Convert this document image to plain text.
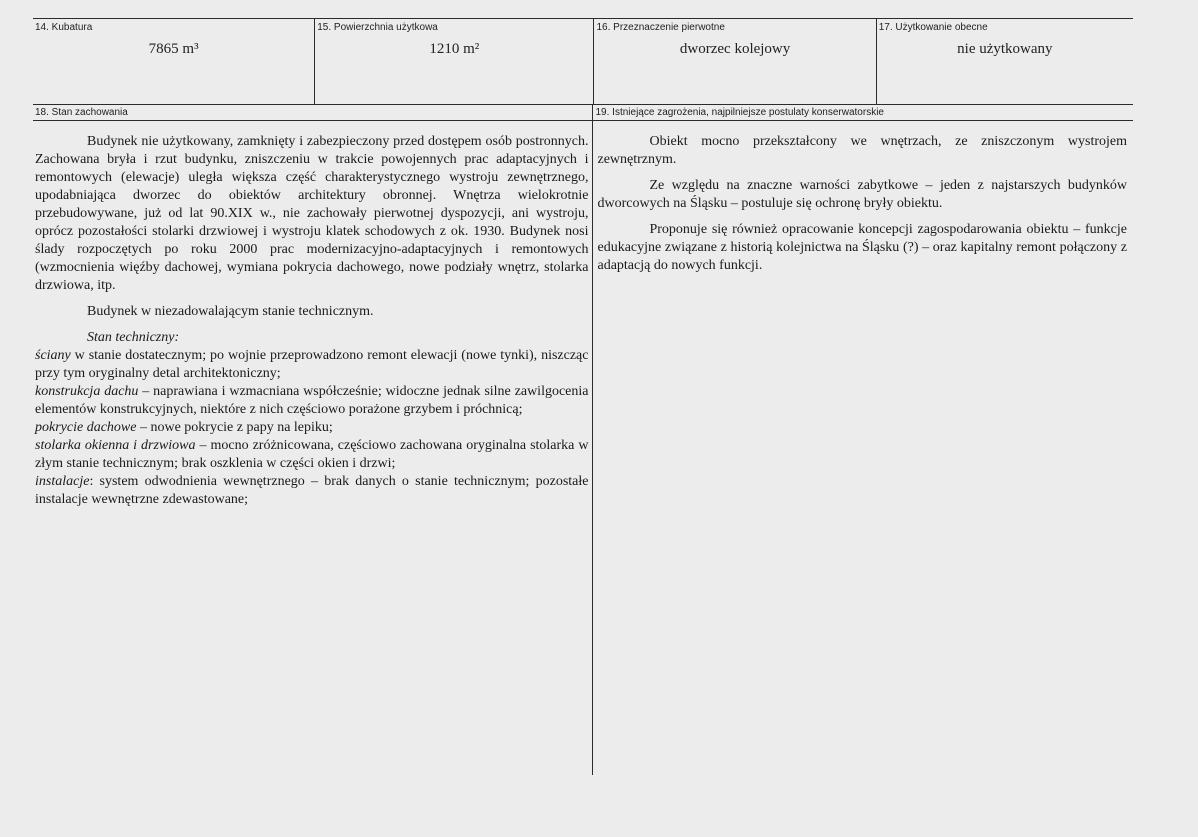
14. Kubatura
7865 m³
15. Powierzchnia użytkowa
1210 m²
16. Przeznaczenie pierwotne
dworzec kolejowy
17. Użytkowanie obecne
nie użytkowany
18. Stan zachowania

Budynek nie użytkowany, zamknięty i zabezpieczony przed dostępem osób postronnych. Zachowana bryła i rzut budynku, zniszczeniu w trakcie powojennych prac adaptacyjnych i remontowych (elewacje) uległa większa część charakterystycznego wystroju zewnętrznego, upodabniająca dworzec do obiektów architektury obronnej. Wnętrza wielokrotnie przebudowywane, już od lat 90.XIX w., nie zachowały pierwotnej dyspozycji, ani wystroju, oprócz pozostałości stolarki drzwiowej i wystroju klatek schodowych z ok. 1930. Budynek nosi ślady rozpoczętych po roku 2000 prac modernizacyjno-adaptacyjnych i remontowych (wzmocnienia więźby dachowej, wymiana pokrycia dachowego, nowe podziały wnętrz, stolarka drzwiowa, itp.

Budynek w niezadowalającym stanie technicznym.

Stan techniczny:

ściany w stanie dostatecznym; po wojnie przeprowadzono remont elewacji (nowe tynki), niszcząc przy tym oryginalny detal architektoniczny;

konstrukcja dachu – naprawiana i wzmacniana współcześnie; widoczne jednak silne zawilgocenia elementów konstrukcyjnych, niektóre z nich częściowo porażone grzybem i próchnicą;

pokrycie dachowe – nowe pokrycie z papy na lepiku;

stolarka okienna i drzwiowa – mocno zróżnicowana, częściowo zachowana oryginalna stolarka w złym stanie technicznym; brak oszklenia w części okien i drzwi;

instalacje: system odwodnienia wewnętrznego – brak danych o stanie technicznym; pozostałe instalacje wewnętrzne zdewastowane;

19. Istniejące zagrożenia, najpilniejsze postulaty konserwatorskie

Obiekt mocno przekształcony we wnętrzach, ze zniszczonym wystrojem zewnętrznym.

Ze względu na znaczne warności zabytkowe – jeden z najstarszych budynków dworcowych na Śląsku – postuluje się ochronę bryły obiektu.

Proponuje się również opracowanie koncepcji zagospodarowania obiektu – funkcje edukacyjne związane z historią kolejnictwa na Śląsku (?) – oraz kapitalny remont połączony z adaptacją do nowych funkcji.
